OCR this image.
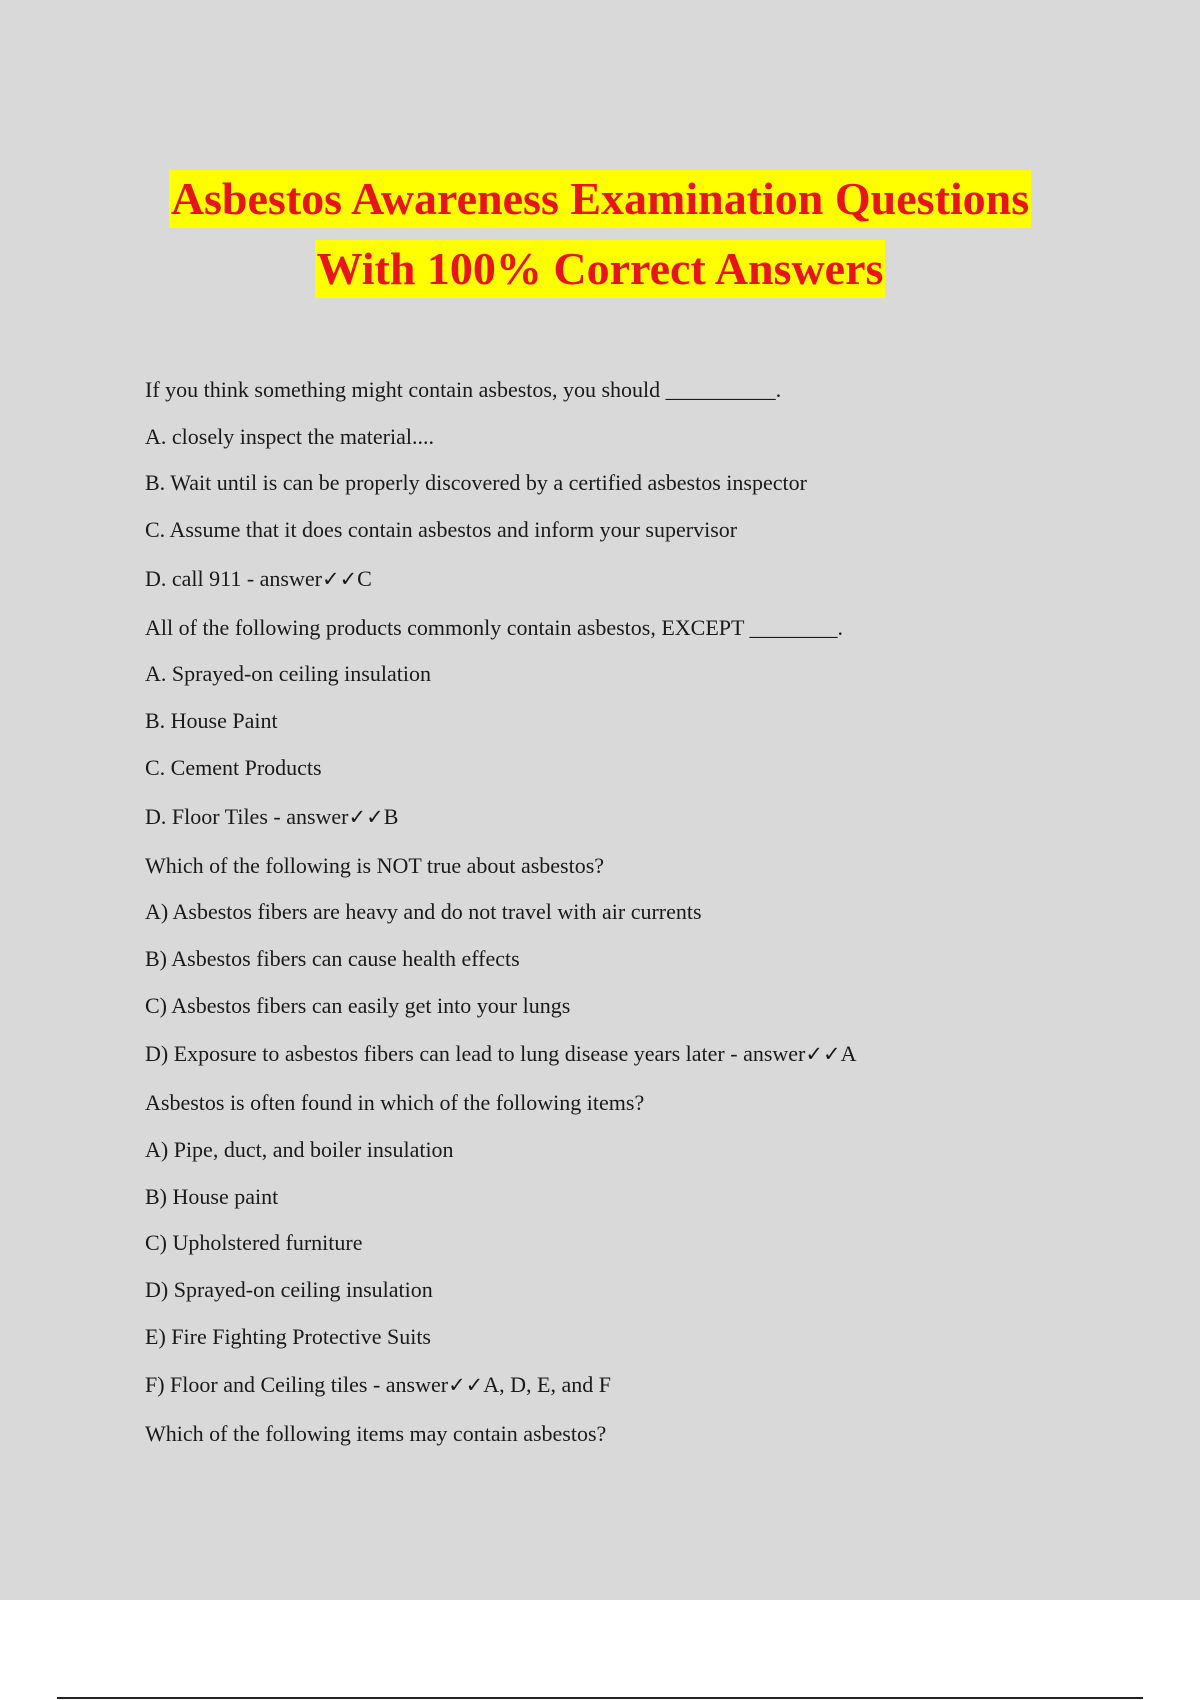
Asbestos Awareness Examination Questions
With 100% Correct Answers
If you think something might contain asbestos, you should __________.
A. closely inspect the material....
B. Wait until is can be properly discovered by a certified asbestos inspector
C. Assume that it does contain asbestos and inform your supervisor
D. call 911 - answer✓✓C
All of the following products commonly contain asbestos, EXCEPT ________.
A. Sprayed-on ceiling insulation
B. House Paint
C. Cement Products
D. Floor Tiles - answer✓✓B
Which of the following is NOT true about asbestos?
A) Asbestos fibers are heavy and do not travel with air currents
B) Asbestos fibers can cause health effects
C) Asbestos fibers can easily get into your lungs
D) Exposure to asbestos fibers can lead to lung disease years later - answer✓✓A
Asbestos is often found in which of the following items?
A) Pipe, duct, and boiler insulation
B) House paint
C) Upholstered furniture
D) Sprayed-on ceiling insulation
E) Fire Fighting Protective Suits
F) Floor and Ceiling tiles - answer✓✓A, D, E, and F
Which of the following items may contain asbestos?
